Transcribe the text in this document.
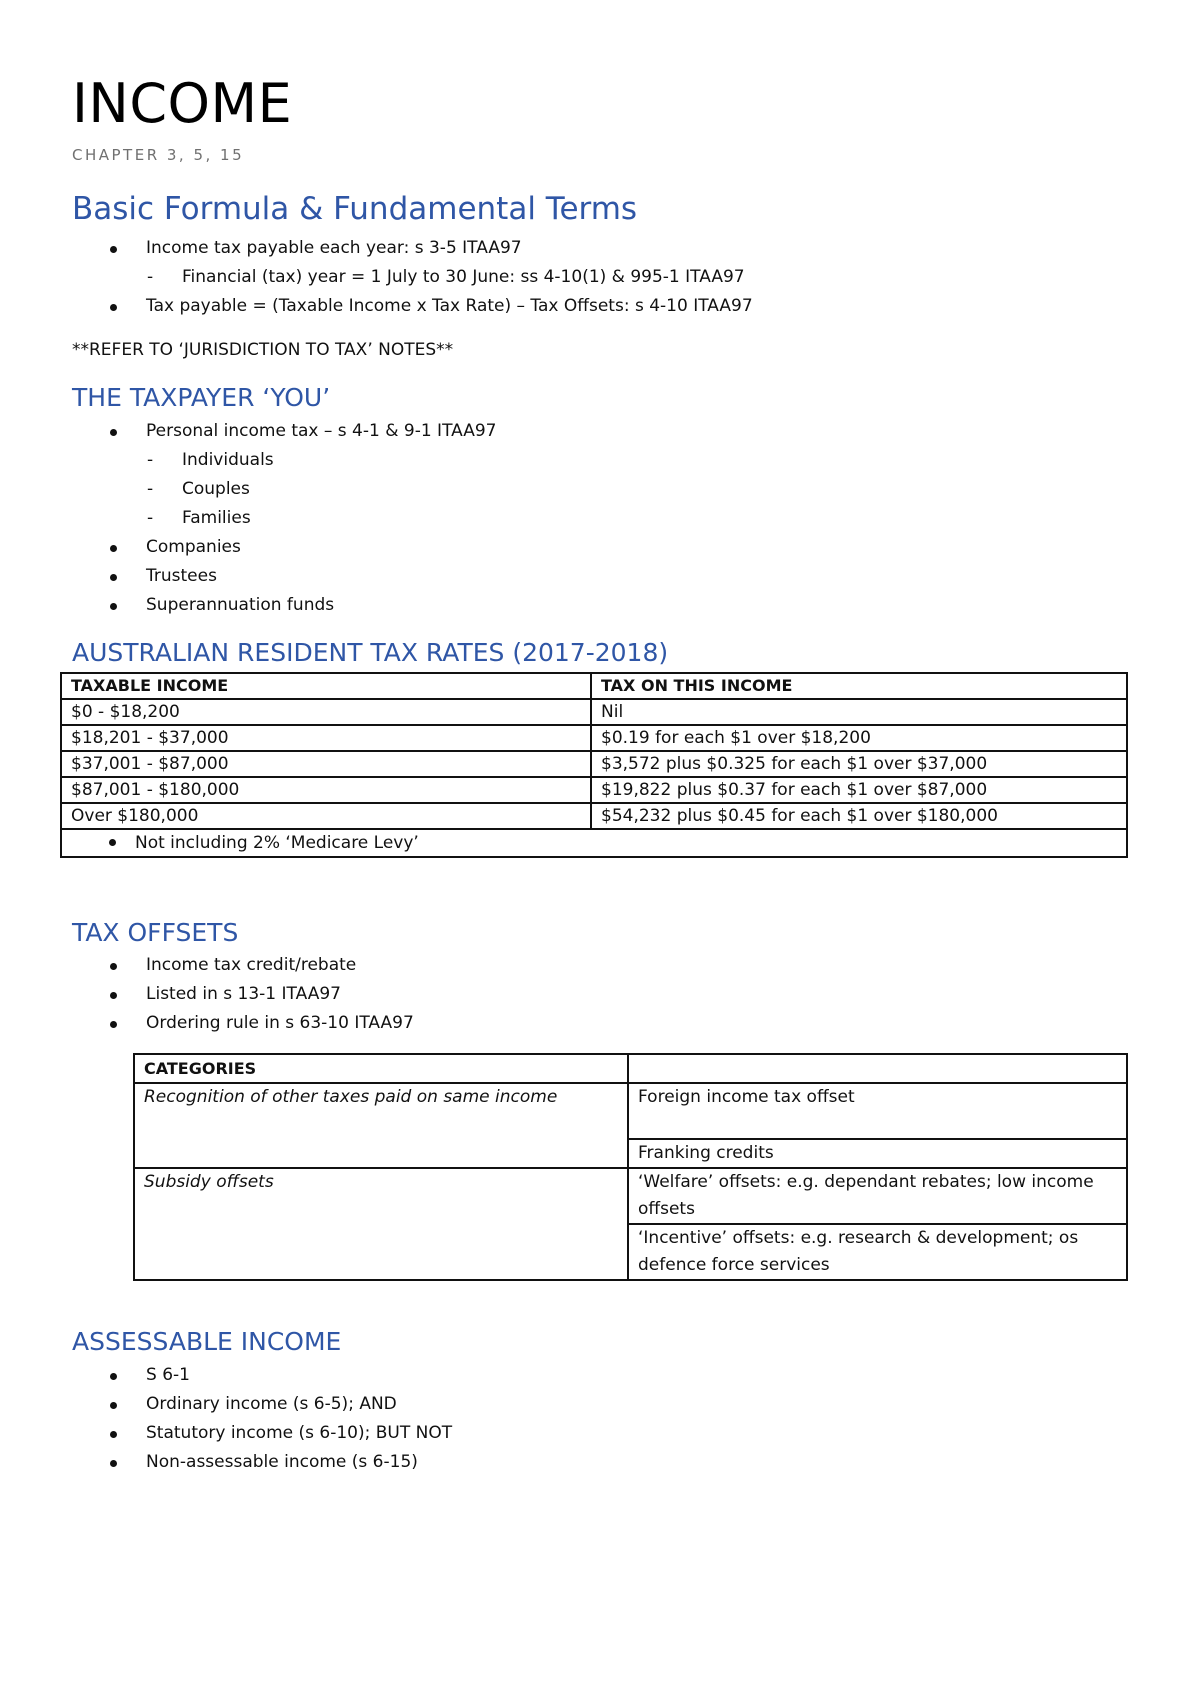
INCOME
CHAPTER 3, 5, 15
Basic Formula & Fundamental Terms
Income tax payable each year: s 3-5 ITAA97
- Financial (tax) year = 1 July to 30 June: ss 4-10(1) & 995-1 ITAA97
Tax payable = (Taxable Income x Tax Rate) – Tax Offsets: s 4-10 ITAA97
**REFER TO ‘JURISDICTION TO TAX’ NOTES**
THE TAXPAYER ‘YOU’
Personal income tax – s 4-1 & 9-1 ITAA97
- Individuals
- Couples
- Families
Companies
Trustees
Superannuation funds
AUSTRALIAN RESIDENT TAX RATES (2017-2018)
TAXABLE INCOME	TAX ON THIS INCOME
$0 - $18,200	Nil
$18,201 - $37,000	$0.19 for each $1 over $18,200
$37,001 - $87,000	$3,572 plus $0.325 for each $1 over $37,000
$87,001 - $180,000	$19,822 plus $0.37 for each $1 over $87,000
Over $180,000	$54,232 plus $0.45 for each $1 over $180,000

Not including 2% ‘Medicare Levy’	
TAX OFFSETS
Income tax credit/rebate
Listed in s 13-1 ITAA97
Ordering rule in s 63-10 ITAA97
CATEGORIES	
Recognition of other taxes paid on same income	Foreign income tax offset
	Franking credits
Subsidy offsets	‘Welfare’ offsets: e.g. dependant rebates; low income offsets
	‘Incentive’ offsets: e.g. research & development; os defence force services
ASSESSABLE INCOME
S 6-1
Ordinary income (s 6-5); AND
Statutory income (s 6-10); BUT NOT
Non-assessable income (s 6-15)
